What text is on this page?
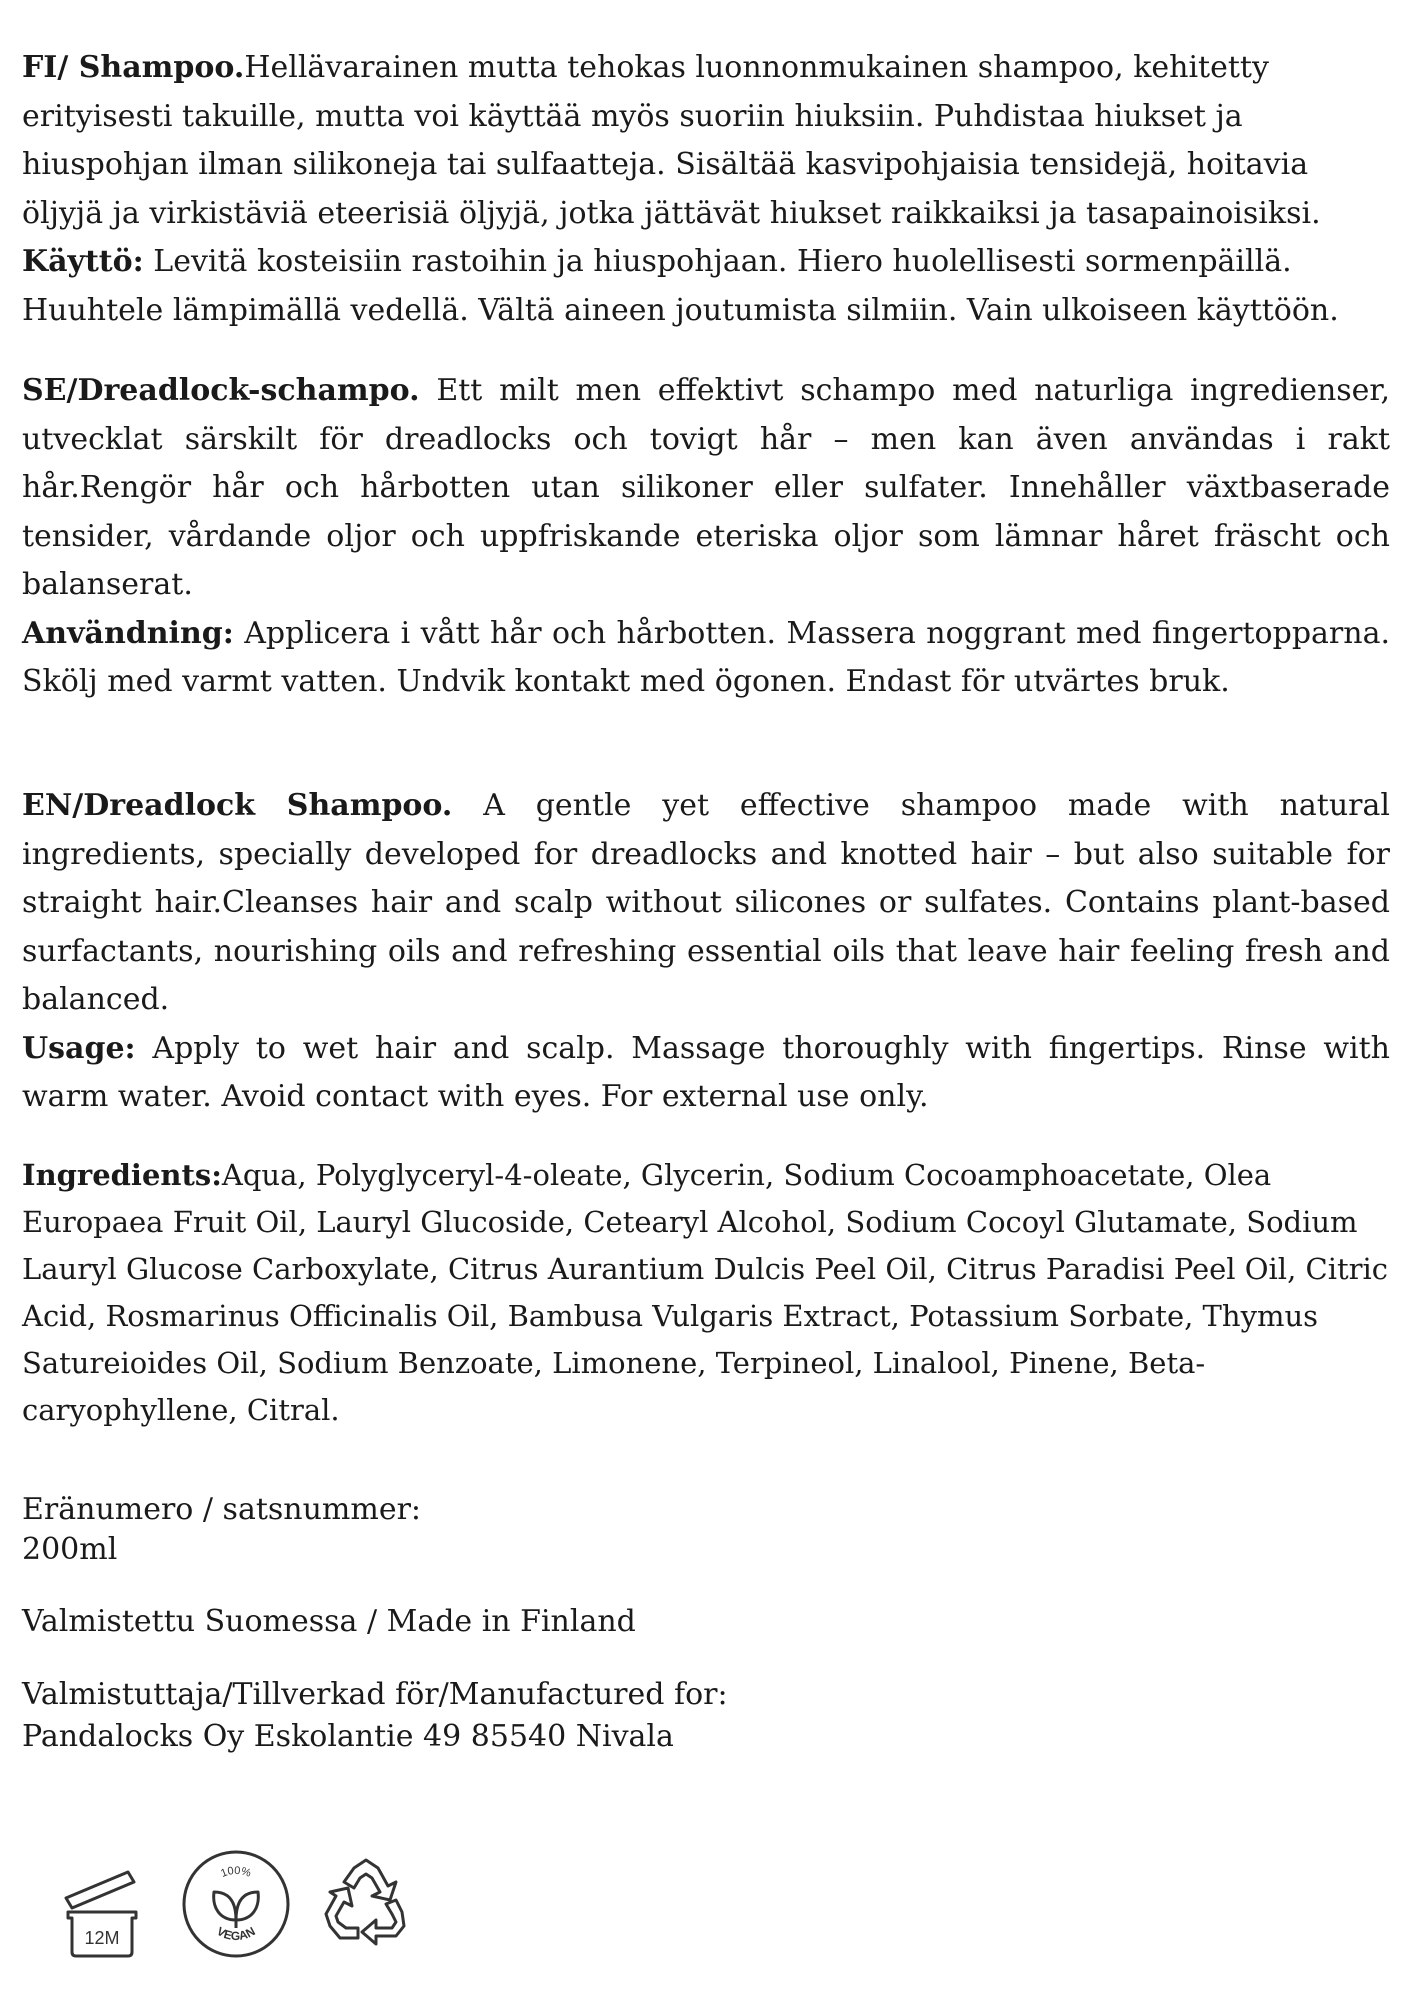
FI/ Shampoo.Hellävarainen mutta tehokas luonnonmukainen shampoo, kehitetty erityisesti takuille, mutta voi käyttää myös suoriin hiuksiin. Puhdistaa hiukset ja hiuspohjan ilman silikoneja tai sulfaatteja. Sisältää kasvipohjaisia tensidejä, hoitavia öljyjä ja virkistäviä eteerisiä öljyjä, jotka jättävät hiukset raikkaiksi ja tasapainoisiksi.
Käyttö: Levitä kosteisiin rastoihin ja hiuspohjaan. Hiero huolellisesti sormenpäillä. Huuhtele lämpimällä vedellä. Vältä aineen joutumista silmiin. Vain ulkoiseen käyttöön.

SE/Dreadlock-schampo. Ett milt men effektivt schampo med naturliga ingredienser, utvecklat särskilt för dreadlocks och tovigt hår – men kan även användas i rakt hår.Rengör hår och hårbotten utan silikoner eller sulfater. Innehåller växtbaserade tensider, vårdande oljor och uppfriskande eteriska oljor som lämnar håret fräscht och balanserat.
Användning: Applicera i vått hår och hårbotten. Massera noggrant med fingertopparna. Skölj med varmt vatten. Undvik kontakt med ögonen. Endast för utvärtes bruk.

EN/Dreadlock Shampoo. A gentle yet effective shampoo made with natural ingredients, specially developed for dreadlocks and knotted hair – but also suitable for straight hair.Cleanses hair and scalp without silicones or sulfates. Contains plant-based surfactants, nourishing oils and refreshing essential oils that leave hair feeling fresh and balanced.
Usage: Apply to wet hair and scalp. Massage thoroughly with fingertips. Rinse with warm water. Avoid contact with eyes. For external use only.

Ingredients:Aqua, Polyglyceryl-4-oleate, Glycerin, Sodium Cocoamphoacetate, Olea Europaea Fruit Oil, Lauryl Glucoside, Cetearyl Alcohol, Sodium Cocoyl Glutamate, Sodium Lauryl Glucose Carboxylate, Citrus Aurantium Dulcis Peel Oil, Citrus Paradisi Peel Oil, Citric Acid, Rosmarinus Officinalis Oil, Bambusa Vulgaris Extract, Potassium Sorbate, Thymus Satureioides Oil, Sodium Benzoate, Limonene, Terpineol, Linalool, Pinene, Beta-caryophyllene, Citral.

Eränumero / satsnummer:
200ml
Valmistettu Suomessa / Made in Finland
Valmistuttaja/Tillverkad för/Manufactured for:
Pandalocks Oy Eskolantie 49 85540 Nivala
12M
100%
VEGAN
